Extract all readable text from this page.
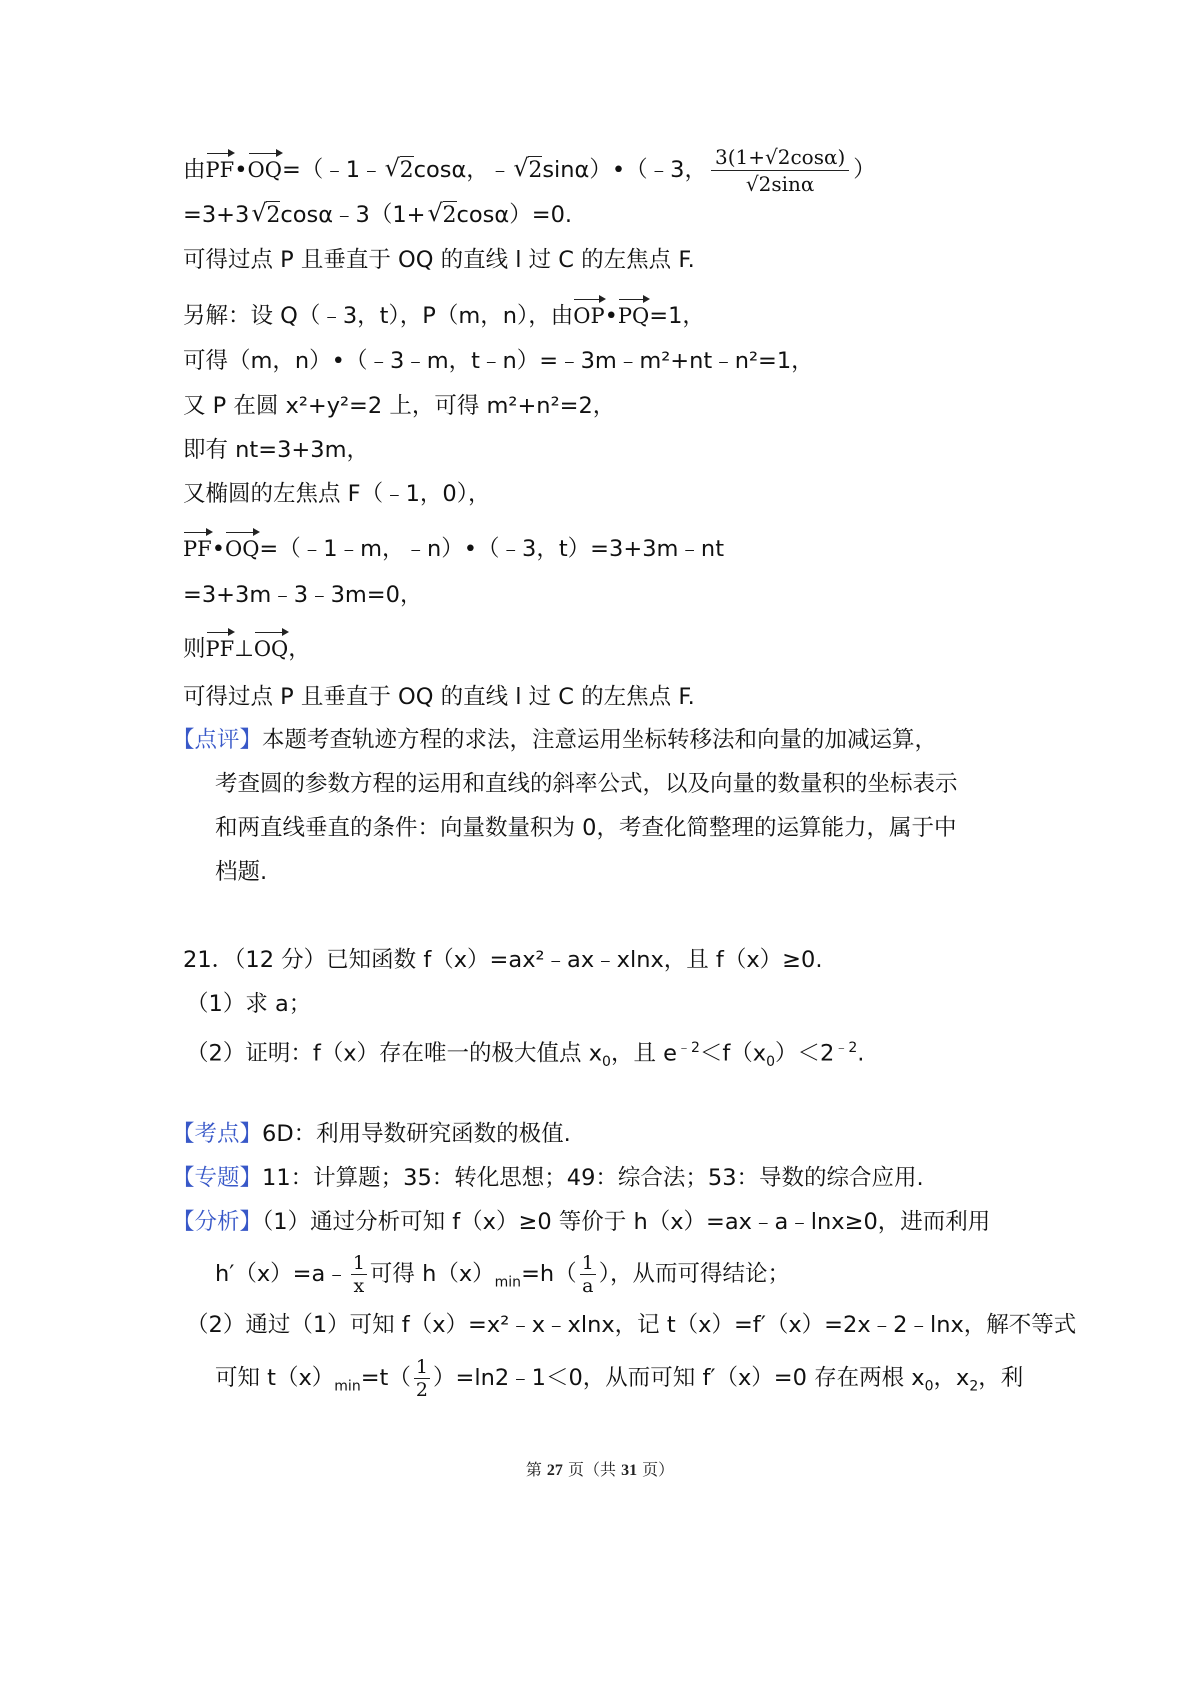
由PF•OQ=（﹣1﹣ √ 2cosα，﹣ √ 2sinα）•（﹣3， $\frac{3(1+√2\cos\alpha)}{√2\sin\alpha}$ ）
=3+3 √ 2cosα﹣3（1+ √ 2cosα）=0.
可得过点 P 且垂直于 OQ 的直线 l 过 C 的左焦点 F.
另解：设 Q（﹣3，t），P（m，n），由OP•PQ=1，
可得（m，n）•（﹣3﹣m，t﹣n）=﹣3m﹣m²+nt﹣n²=1，
又 P 在圆 x²+y²=2 上，可得 m²+n²=2，
即有 nt=3+3m，
又椭圆的左焦点 F（﹣1，0），
PF•OQ=（﹣1﹣m，﹣n）•（﹣3，t）=3+3m﹣nt
=3+3m﹣3﹣3m=0，
则PF⊥OQ，
可得过点 P 且垂直于 OQ 的直线 l 过 C 的左焦点 F.
【点评】本题考查轨迹方程的求法，注意运用坐标转移法和向量的加减运算，
考查圆的参数方程的运用和直线的斜率公式，以及向量的数量积的坐标表示
和两直线垂直的条件：向量数量积为 0，考查化简整理的运算能力，属于中
档题.
21．（12 分）已知函数 f（x）=ax²﹣ax﹣xlnx，且 f（x）≥0.
（1）求 a；
（2）证明：f（x）存在唯一的极大值点 $x_0$，且 $e^{﹣2}<f(x_0)<2^{﹣2}$.
【考点】6D：利用导数研究函数的极值.
【专题】11：计算题；35：转化思想；49：综合法；53：导数的综合应用.
【分析】（1）通过分析可知 f（x）≥0 等价于 h（x）=ax﹣a﹣lnx≥0，进而利用
h′（x）=a﹣ $\frac{1}{x}$ 可得 $h(x)_{min}=h( \frac{1}{a}$ ），从而可得结论；
（2）通过（1）可知 f（x）=x²﹣x﹣xlnx，记 t（x）=f′（x）=2x﹣2﹣lnx，解不等式
可知 $t(x)_{min}=t( \frac{1}{2}$ ）=ln2﹣1＜0，从而可知 f′（x）=0 存在两根 $x_0$，$x_2$，利
第 27 页（共 31 页）
